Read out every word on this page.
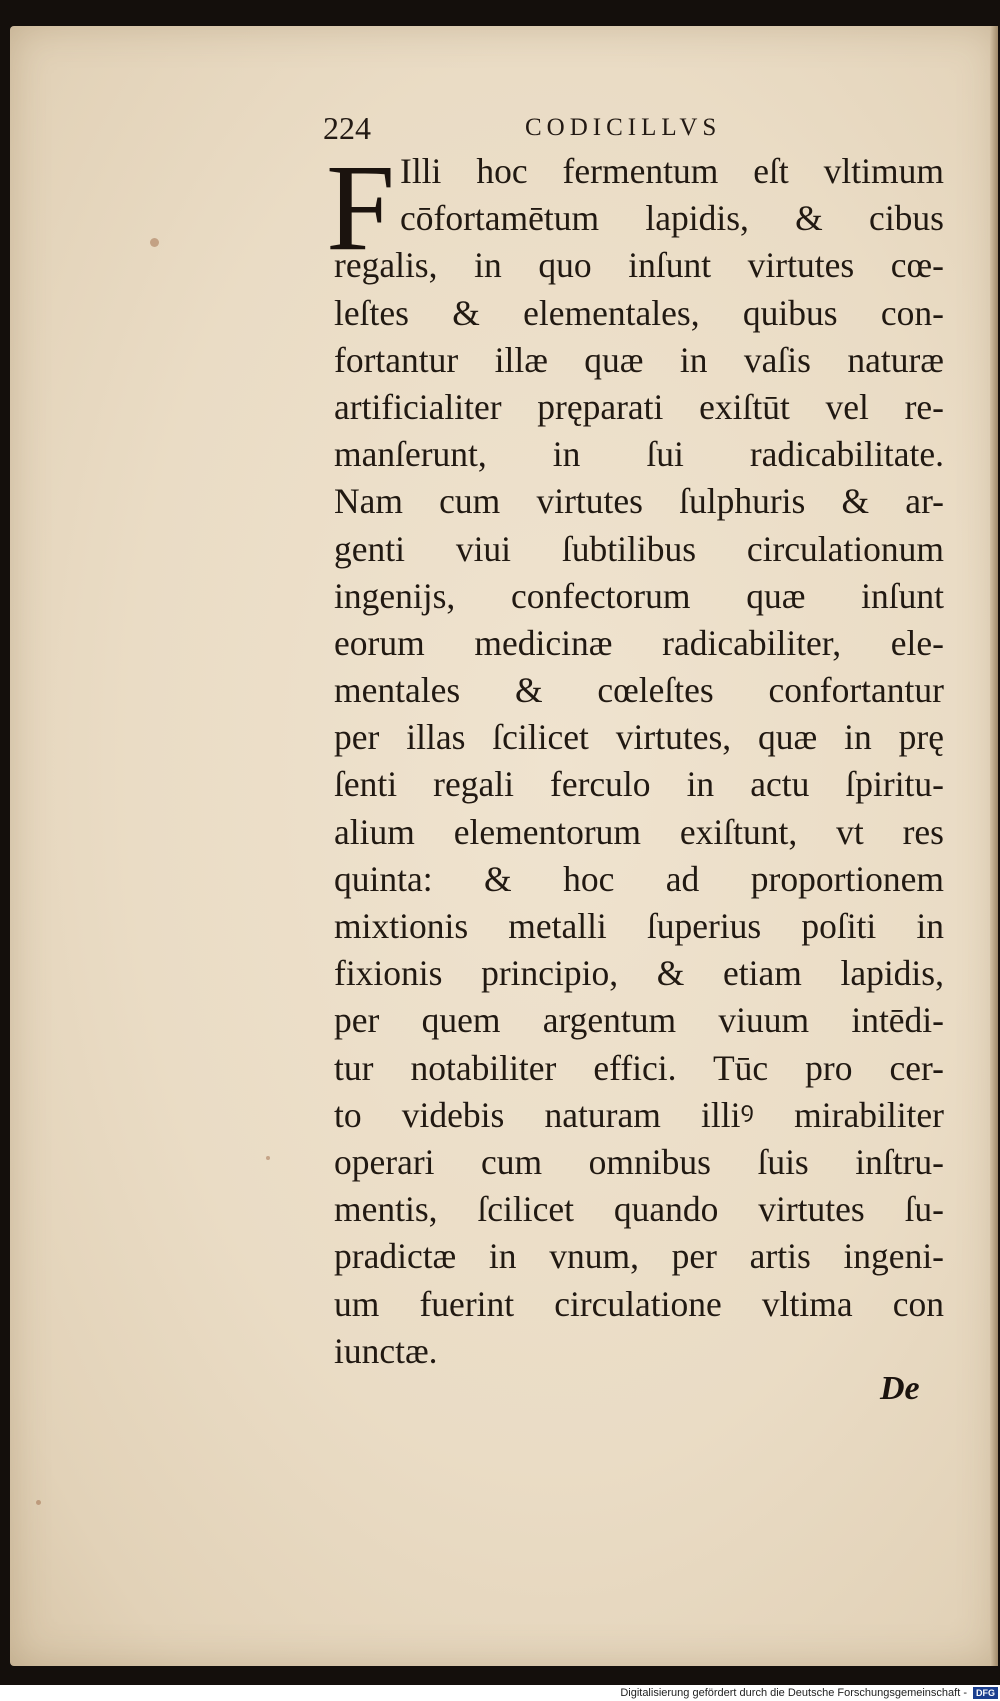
224	CODICILLVS
F Illi hoc fermentum eſt vltimum
cōfortamētum lapidis, & cibus
regalis, in quo inſunt virtutes cœ-
leſtes & elementales, quibus con-
fortantur illæ quæ in vaſis naturæ
artificialiter pręparati exiſtūt vel re-
manſerunt, in ſui radicabilitate.
Nam cum virtutes ſulphuris & ar-
genti viui ſubtilibus circulationum
ingenijs, confectorum quæ inſunt
eorum medicinæ radicabiliter, ele-
mentales & cœleſtes confortantur
per illas ſcilicet virtutes, quæ in prę
ſenti regali ferculo in actu ſpiritu-
alium elementorum exiſtunt, vt res
quinta: & hoc ad proportionem
mixtionis metalli ſuperius poſiti in
fixionis principio, & etiam lapidis,
per quem argentum viuum intēdi-
tur notabiliter effici. Tūc pro cer-
to videbis naturam illiꝰ mirabiliter
operari cum omnibus ſuis inſtru-
mentis, ſcilicet quando virtutes ſu-
pradictæ in vnum, per artis ingeni-
um fuerint circulatione vltima con
iunctæ.
De
Digitalisierung gefördert durch die Deutsche Forschungsgemeinschaft - DFG
